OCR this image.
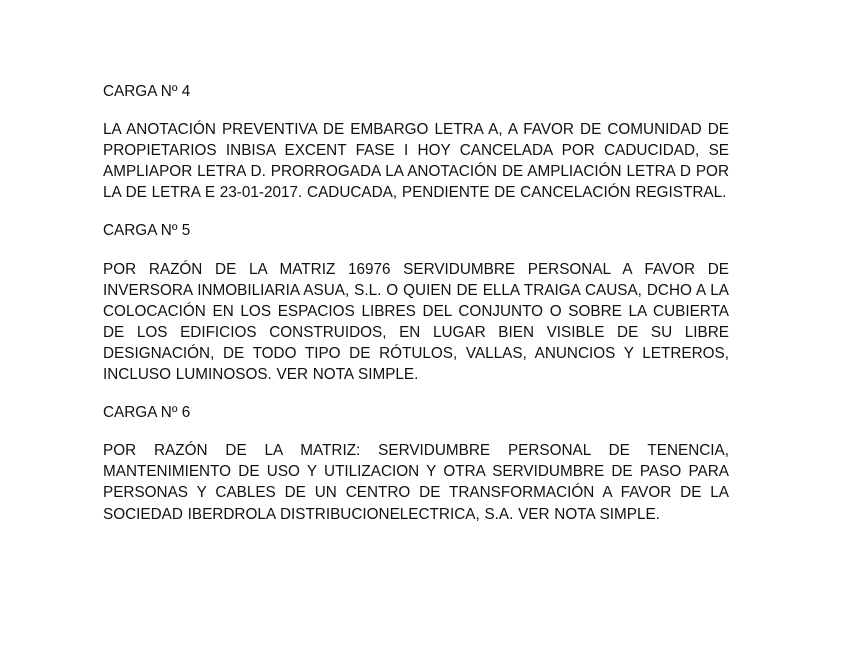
CARGA Nº 4
LA ANOTACIÓN PREVENTIVA DE EMBARGO LETRA A, A FAVOR DE COMUNIDAD DE PROPIETARIOS INBISA EXCENT FASE I HOY CANCELADA POR CADUCIDAD, SE AMPLIAPOR LETRA D. PRORROGADA LA ANOTACIÓN DE AMPLIACIÓN LETRA D POR LA DE LETRA E 23-01-2017. CADUCADA, PENDIENTE DE CANCELACIÓN REGISTRAL.
CARGA Nº 5
POR RAZÓN DE LA MATRIZ 16976 SERVIDUMBRE PERSONAL A FAVOR DE INVERSORA INMOBILIARIA ASUA, S.L. O QUIEN DE ELLA TRAIGA CAUSA, DCHO A LA COLOCACIÓN EN LOS ESPACIOS LIBRES DEL CONJUNTO O SOBRE LA CUBIERTA DE LOS EDIFICIOS CONSTRUIDOS, EN LUGAR BIEN VISIBLE DE SU LIBRE DESIGNACIÓN, DE TODO TIPO DE RÓTULOS, VALLAS, ANUNCIOS Y LETREROS, INCLUSO LUMINOSOS. VER NOTA SIMPLE.
CARGA Nº 6
POR RAZÓN DE LA MATRIZ: SERVIDUMBRE PERSONAL DE TENENCIA, MANTENIMIENTO DE USO Y UTILIZACION Y OTRA SERVIDUMBRE DE PASO PARA PERSONAS Y CABLES DE UN CENTRO DE TRANSFORMACIÓN A FAVOR DE LA SOCIEDAD IBERDROLA DISTRIBUCIONELECTRICA, S.A. VER NOTA SIMPLE.
